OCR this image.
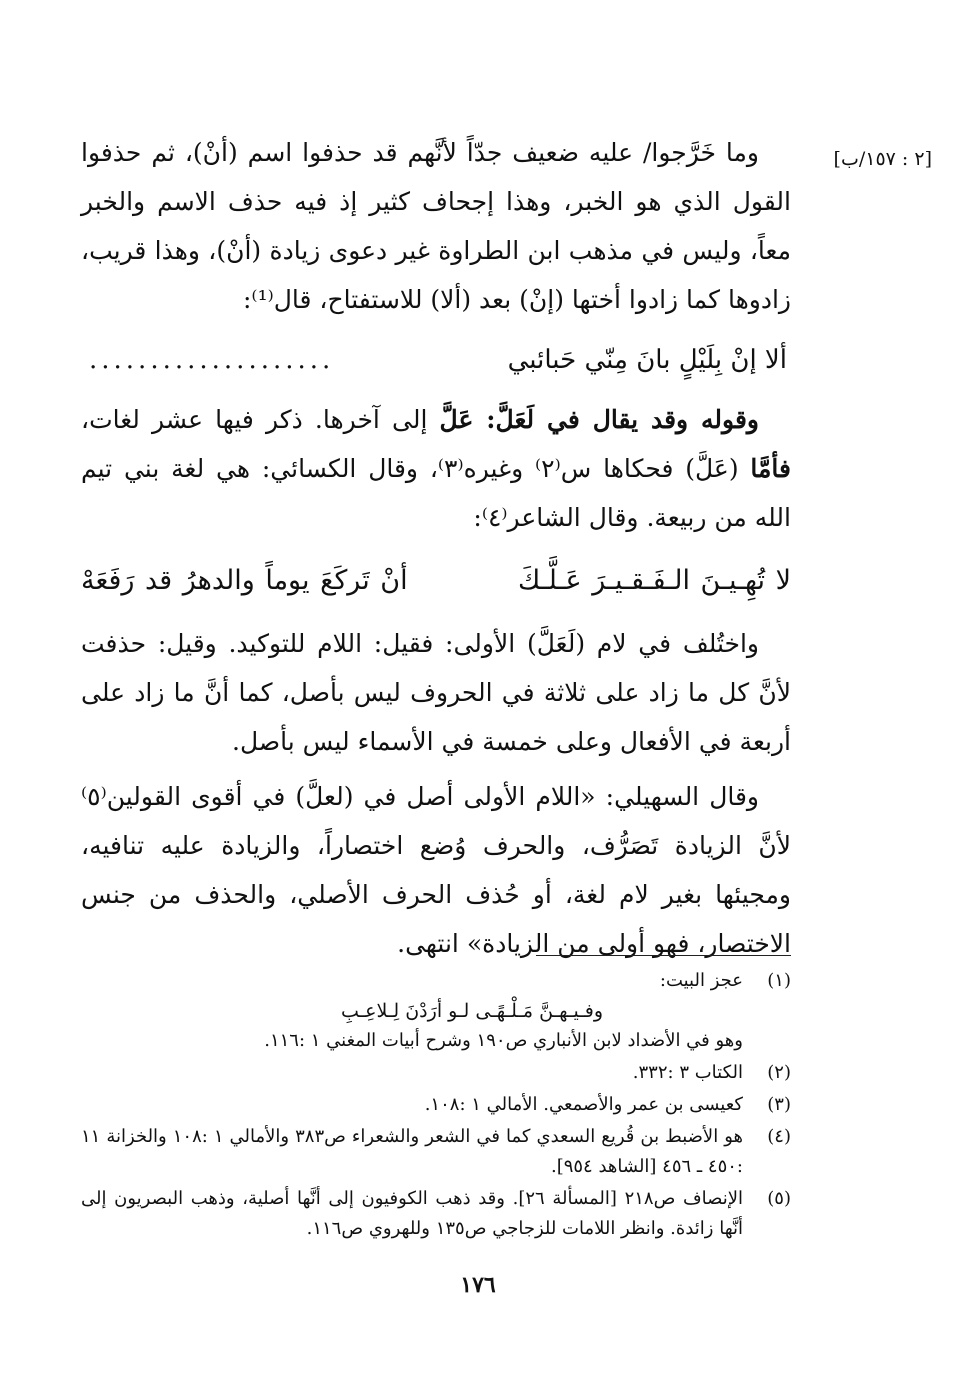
[٢ : ١٥٧/ب]

وما خَرَّجوا/ عليه ضعيف جدّاً لأنَّهم قد حذفوا اسم (أنْ)، ثم حذفوا القول الذي هو الخبر، وهذا إجحاف كثير إذ فيه حذف الاسم والخبر معاً، وليس في مذهب ابن الطراوة غير دعوى زيادة (أنْ)، وهذا قريب، زادوها كما زادوا أختها (إنْ) بعد (ألا) للاستفتاح، قال⁽¹⁾:

ألا إنْ بِلَيْلٍ بانَ مِنّي حَبائبي
....................

وقوله وقد يقال في لَعَلَّ: عَلَّ إلى آخرها. ذكر فيها عشر لغات، فأمَّا (عَلَّ) فحكاها س⁽٢⁾ وغيره⁽٣⁾، وقال الكسائي: هي لغة بني تيم الله من ربيعة. وقال الشاعر⁽٤⁾:

لا تُهِـيـنَ الـفَـقـيـرَ عَـلَّـكَ
أنْ تَركَعَ يوماً والدهرُ قد رَفَعَهْ

واختُلف في لام (لَعَلَّ) الأولى: فقيل: اللام للتوكيد. وقيل: حذفت لأنَّ كل ما زاد على ثلاثة في الحروف ليس بأصل، كما أنَّ ما زاد على أربعة في الأفعال وعلى خمسة في الأسماء ليس بأصل.

وقال السهيلي: «اللام الأولى أصل في (لعلَّ) في أقوى القولين⁽٥⁾ لأنَّ الزيادة تَصَرُّف، والحرف وُضع اختصاراً، والزيادة عليه تنافيه، ومجيئها بغير لام لغة، أو حُذف الحرف الأصلي، والحذف من جنس الاختصار، فهو أولى من الزيادة» انتهى.

(١)
عجز البيت:
وفـيـهـنَّ مَـلْـهًـى لـو أرَدْنَ لِـلاعِـبِ
وهو في الأضداد لابن الأنباري ص١٩٠ وشرح أبيات المغني ١ :١١٦.
(٢)
الكتاب ٣ :٣٣٢.
(٣)
كعيسى بن عمر والأصمعي. الأمالي ١ :١٠٨.
(٤)
هو الأضبط بن قُريع السعدي كما في الشعر والشعراء ص٣٨٣ والأمالي ١ :١٠٨ والخزانة ١١ :٤٥٠ ـ ٤٥٦ [الشاهد ٩٥٤].
(٥)
الإنصاف ص٢١٨ [المسألة ٢٦]. وقد ذهب الكوفيون إلى أنَّها أصلية، وذهب البصريون إلى أنَّها زائدة. وانظر اللامات للزجاجي ص١٣٥ وللهروي ص١١٦.
١٧٦
